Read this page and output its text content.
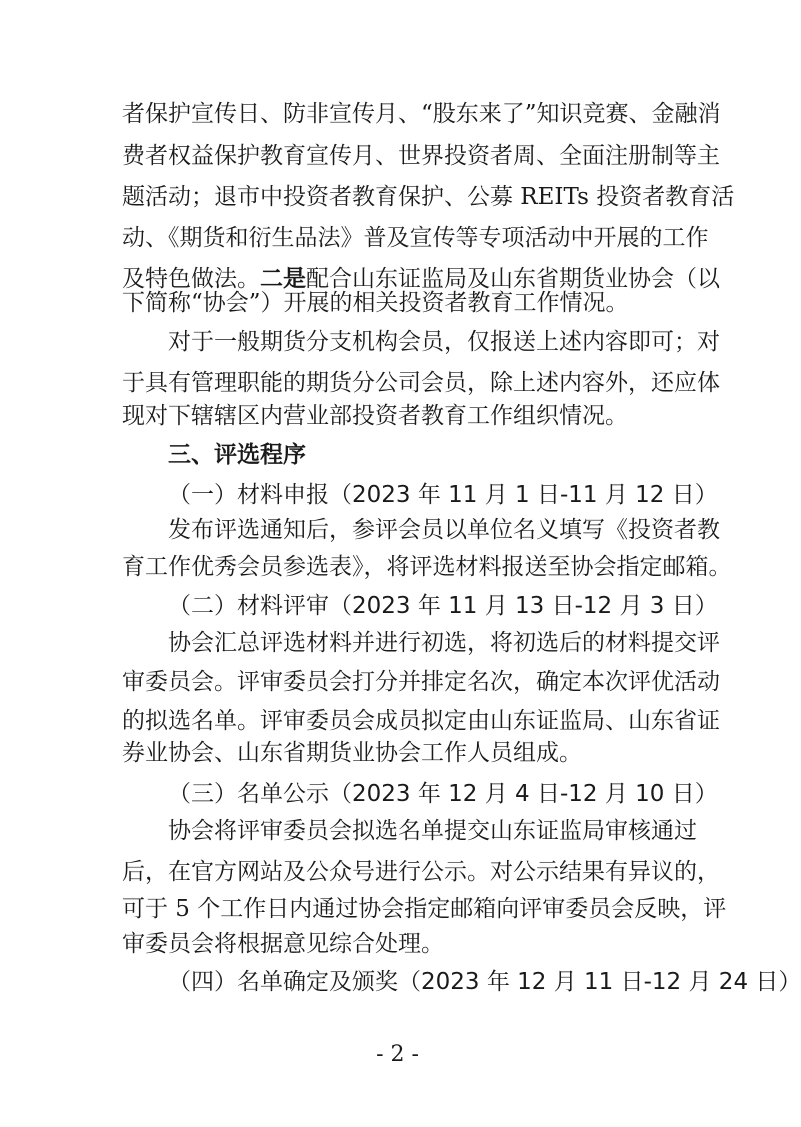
者保护宣传日、防非宣传月、“股东来了”知识竞赛、金融消
费者权益保护教育宣传月、世界投资者周、全面注册制等主
题活动；退市中投资者教育保护、公募 REITs 投资者教育活
动、《期货和衍生品法》普及宣传等专项活动中开展的工作
及特色做法。二是配合山东证监局及山东省期货业协会（以
下简称“协会”）开展的相关投资者教育工作情况。
对于一般期货分支机构会员，仅报送上述内容即可；对
于具有管理职能的期货分公司会员，除上述内容外，还应体
现对下辖辖区内营业部投资者教育工作组织情况。
三、评选程序
（一）材料申报（2023 年 11 月 1 日-11 月 12 日）
发布评选通知后，参评会员以单位名义填写《投资者教
育工作优秀会员参选表》，将评选材料报送至协会指定邮箱。
（二）材料评审（2023 年 11 月 13 日-12 月 3 日）
协会汇总评选材料并进行初选，将初选后的材料提交评
审委员会。评审委员会打分并排定名次，确定本次评优活动
的拟选名单。评审委员会成员拟定由山东证监局、山东省证
券业协会、山东省期货业协会工作人员组成。
（三）名单公示（2023 年 12 月 4 日-12 月 10 日）
协会将评审委员会拟选名单提交山东证监局审核通过
后，在官方网站及公众号进行公示。对公示结果有异议的，
可于 5 个工作日内通过协会指定邮箱向评审委员会反映，评
审委员会将根据意见综合处理。
（四）名单确定及颁奖（2023 年 12 月 11 日-12 月 24 日）
- 2 -
